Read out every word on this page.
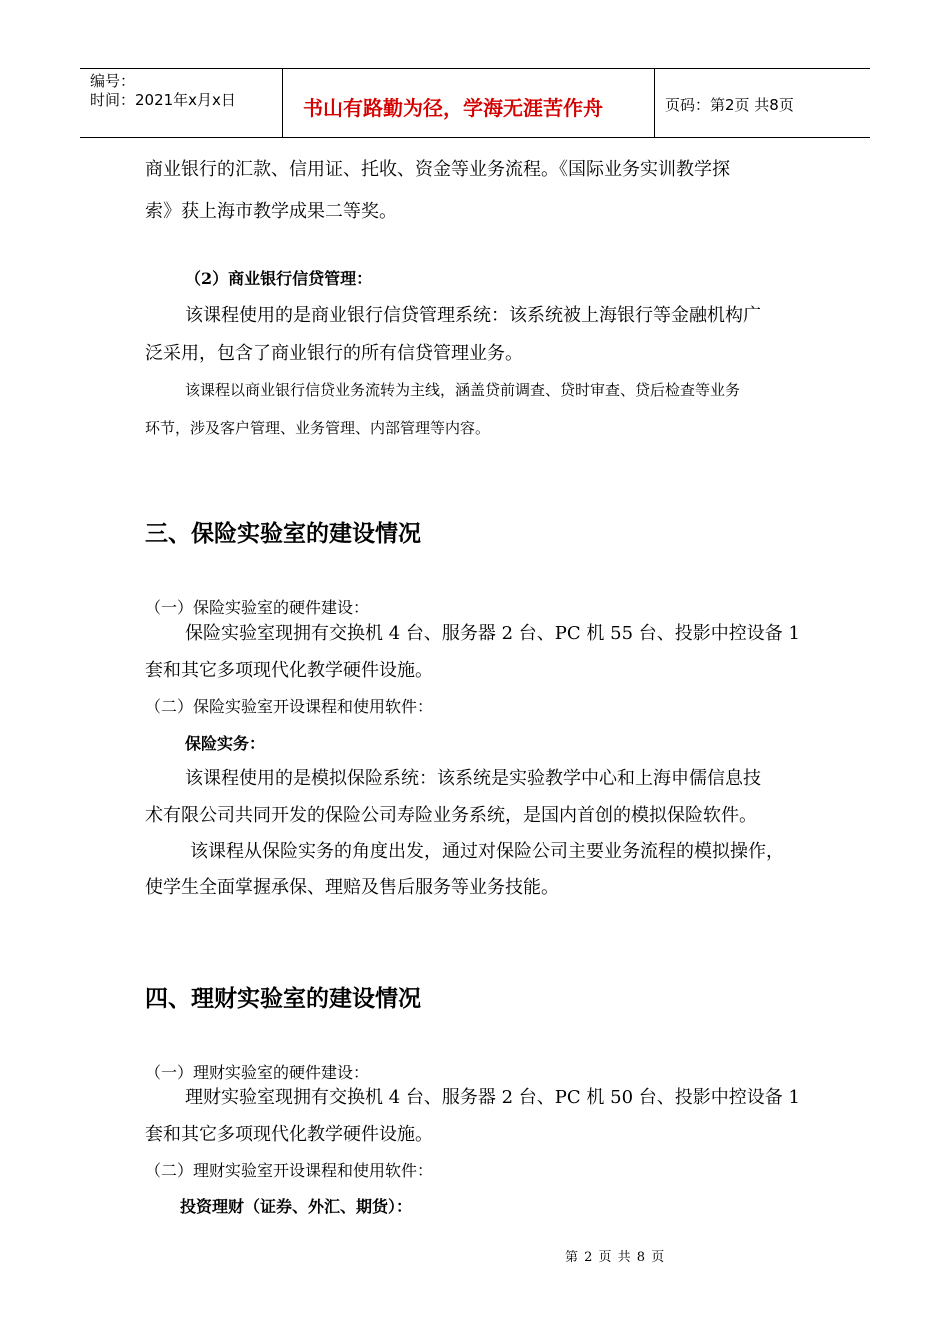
编号：
时间：2021年x月x日	书山有路勤为径，学海无涯苦作舟	页码：第2页 共8页
商业银行的汇款、信用证、托收、资金等业务流程。《国际业务实训教学探
索》获上海市教学成果二等奖。
（2）商业银行信贷管理：
该课程使用的是商业银行信贷管理系统：该系统被上海银行等金融机构广
泛采用，包含了商业银行的所有信贷管理业务。
该课程以商业银行信贷业务流转为主线，涵盖贷前调查、贷时审查、贷后检查等业务
环节，涉及客户管理、业务管理、内部管理等内容。
三、保险实验室的建设情况
（一）保险实验室的硬件建设：
保险实验室现拥有交换机 4 台、服务器 2 台、PC 机 55 台、投影中控设备 1
套和其它多项现代化教学硬件设施。
（二）保险实验室开设课程和使用软件：
保险实务：
该课程使用的是模拟保险系统：该系统是实验教学中心和上海申儒信息技
术有限公司共同开发的保险公司寿险业务系统，是国内首创的模拟保险软件。
该课程从保险实务的角度出发，通过对保险公司主要业务流程的模拟操作，
使学生全面掌握承保、理赔及售后服务等业务技能。
四、理财实验室的建设情况
（一）理财实验室的硬件建设：
理财实验室现拥有交换机 4 台、服务器 2 台、PC 机 50 台、投影中控设备 1
套和其它多项现代化教学硬件设施。
（二）理财实验室开设课程和使用软件：
投资理财（证券、外汇、期货）：
第 2 页 共 8 页
